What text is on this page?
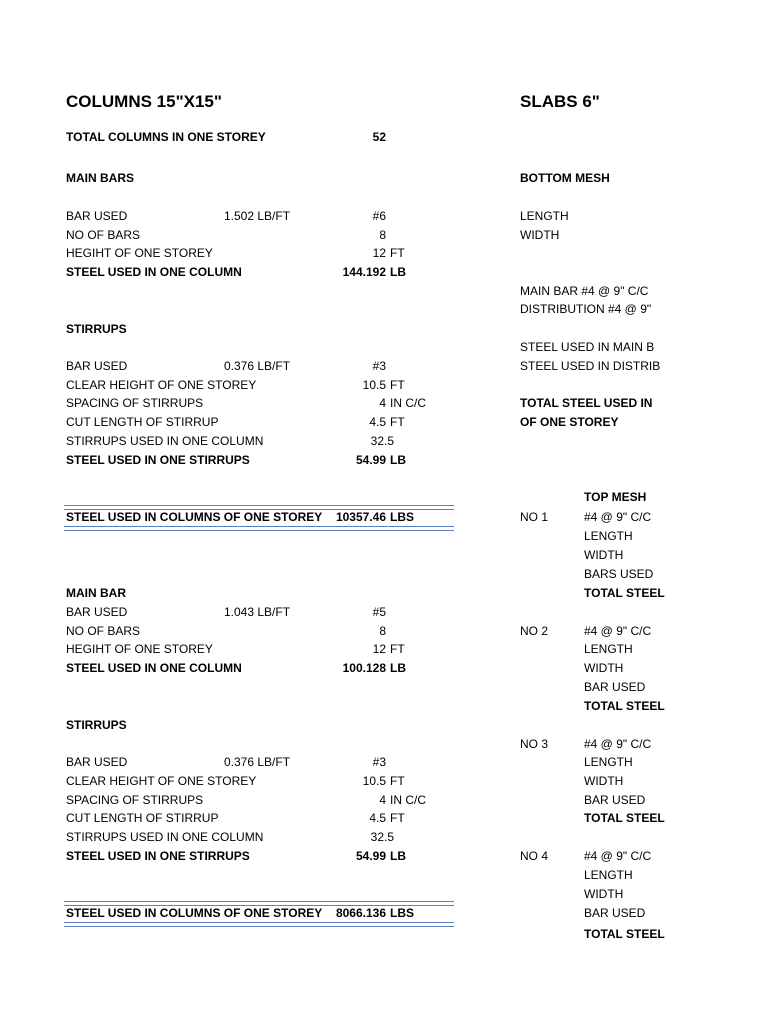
COLUMNS 15"X15"
TOTAL COLUMNS IN ONE STOREY	52
MAIN BARS
BAR USED	1.502 LB/FT	#6
NO OF BARS	8
HEGIHT OF ONE STOREY	12 FT
STEEL USED IN ONE COLUMN	144.192 LB
STIRRUPS
BAR USED	0.376 LB/FT	#3
CLEAR HEIGHT OF ONE STOREY	10.5 FT
SPACING OF STIRRUPS	4 IN C/C
CUT LENGTH OF STIRRUP	4.5 FT
STIRRUPS USED IN ONE COLUMN	32.5
STEEL USED IN ONE STIRRUPS	54.99 LB
STEEL USED IN COLUMNS OF ONE STOREY 10357.46 LBS
MAIN BAR
BAR USED	1.043 LB/FT	#5
NO OF BARS	8
HEGIHT OF ONE STOREY	12 FT
STEEL USED IN ONE COLUMN	100.128 LB
STIRRUPS
BAR USED	0.376 LB/FT	#3
CLEAR HEIGHT OF ONE STOREY	10.5 FT
SPACING OF STIRRUPS	4 IN C/C
CUT LENGTH OF STIRRUP	4.5 FT
STIRRUPS USED IN ONE COLUMN	32.5
STEEL USED IN ONE STIRRUPS	54.99 LB
STEEL USED IN COLUMNS OF ONE STOREY 8066.136 LBS
SLABS 6"
BOTTOM MESH
LENGTH
WIDTH
MAIN BAR #4 @ 9" C/C
DISTRIBUTION #4 @ 9"
STEEL USED IN MAIN B
STEEL USED IN DISTRIB
TOTAL STEEL USED IN
OF ONE STOREY
TOP MESH
NO 1	#4 @ 9" C/C
LENGTH
WIDTH
BARS USED
TOTAL STEEL
NO 2	#4 @ 9" C/C
LENGTH
WIDTH
BAR USED
TOTAL STEEL
NO 3	#4 @ 9" C/C
LENGTH
WIDTH
BAR USED
TOTAL STEEL
NO 4	#4 @ 9" C/C
LENGTH
WIDTH
BAR USED
TOTAL STEEL
